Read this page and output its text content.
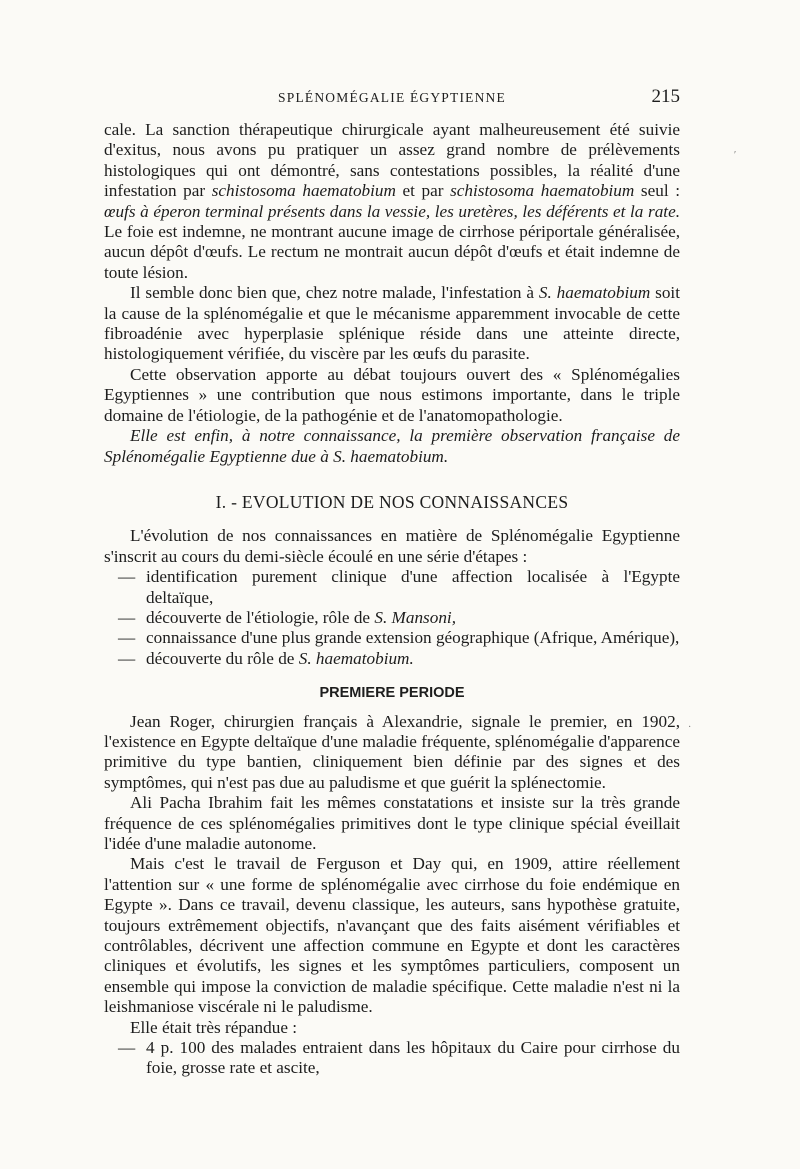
SPLÉNOMÉGALIE ÉGYPTIENNE	215
ʹ
·

cale. La sanction thérapeutique chirurgicale ayant malheureusement été suivie d'exitus, nous avons pu pratiquer un assez grand nombre de prélèvements histologiques qui ont démontré, sans contestations possibles, la réalité d'une infestation par schistosoma haematobium et par schistosoma haematobium seul : œufs à éperon terminal présents dans la vessie, les uretères, les déférents et la rate. Le foie est indemne, ne montrant aucune image de cirrhose périportale généralisée, aucun dépôt d'œufs. Le rectum ne montrait aucun dépôt d'œufs et était indemne de toute lésion.

Il semble donc bien que, chez notre malade, l'infestation à S. haematobium soit la cause de la splénomégalie et que le mécanisme apparemment invocable de cette fibroadénie avec hyperplasie splénique réside dans une atteinte directe, histologiquement vérifiée, du viscère par les œufs du parasite.

Cette observation apporte au débat toujours ouvert des « Splénomégalies Egyptiennes » une contribution que nous estimons importante, dans le triple domaine de l'étiologie, de la pathogénie et de l'anatomopathologie.

Elle est enfin, à notre connaissance, la première observation française de Splénomégalie Egyptienne due à S. haematobium.

I. - EVOLUTION DE NOS CONNAISSANCES

L'évolution de nos connaissances en matière de Splénomégalie Egyptienne s'inscrit au cours du demi-siècle écoulé en une série d'étapes :

— identification purement clinique d'une affection localisée à l'Egypte deltaïque,

— découverte de l'étiologie, rôle de S. Mansoni,

— connaissance d'une plus grande extension géographique (Afrique, Amérique),

— découverte du rôle de S. haematobium.

PREMIERE PERIODE

Jean Roger, chirurgien français à Alexandrie, signale le premier, en 1902, l'existence en Egypte deltaïque d'une maladie fréquente, splénomégalie d'apparence primitive du type bantien, cliniquement bien définie par des signes et des symptômes, qui n'est pas due au paludisme et que guérit la splénectomie.

Ali Pacha Ibrahim fait les mêmes constatations et insiste sur la très grande fréquence de ces splénomégalies primitives dont le type clinique spécial éveillait l'idée d'une maladie autonome.

Mais c'est le travail de Ferguson et Day qui, en 1909, attire réellement l'attention sur « une forme de splénomégalie avec cirrhose du foie endémique en Egypte ». Dans ce travail, devenu classique, les auteurs, sans hypothèse gratuite, toujours extrêmement objectifs, n'avançant que des faits aisément vérifiables et contrôlables, décrivent une affection commune en Egypte et dont les caractères cliniques et évolutifs, les signes et les symptômes particuliers, composent un ensemble qui impose la conviction de maladie spécifique. Cette maladie n'est ni la leishmaniose viscérale ni le paludisme.

Elle était très répandue :

— 4 p. 100 des malades entraient dans les hôpitaux du Caire pour cirrhose du foie, grosse rate et ascite,
